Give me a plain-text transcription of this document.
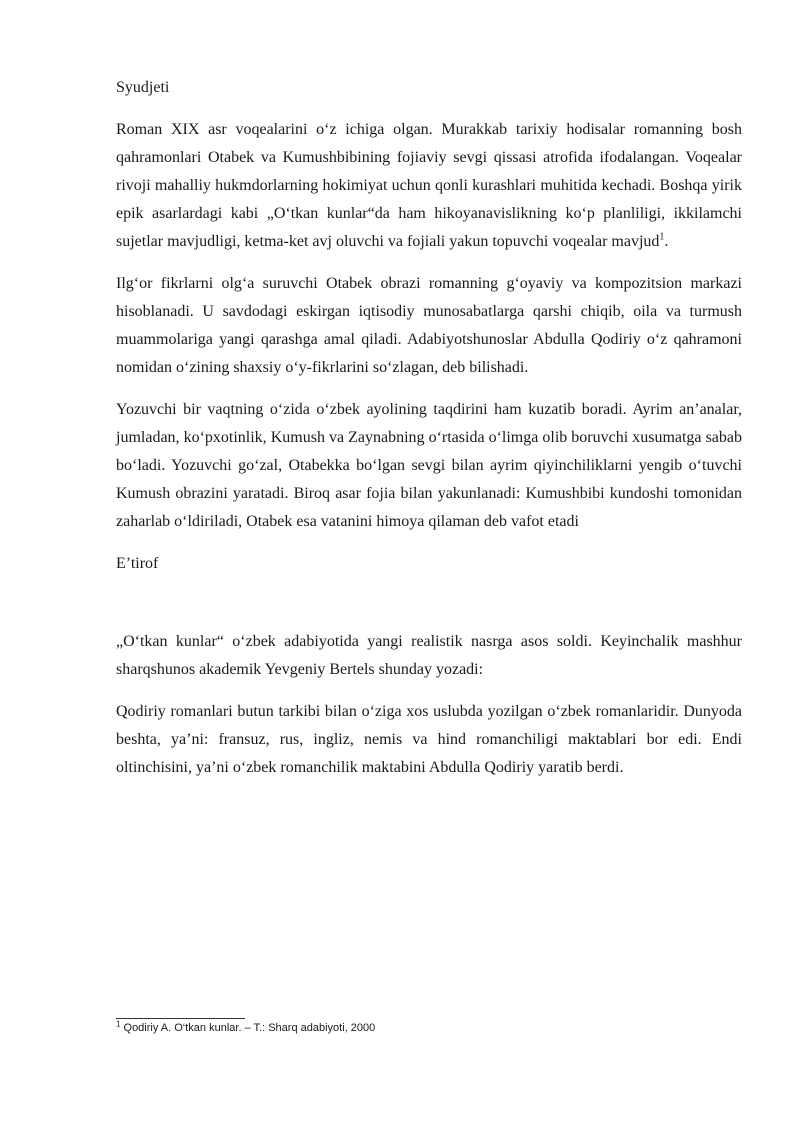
Syudjeti

Roman XIX asr voqealarini o‘z ichiga olgan. Murakkab tarixiy hodisalar romanning bosh qahramonlari Otabek va Kumushbibining fojiaviy sevgi qissasi atrofida ifodalangan. Voqealar rivoji mahalliy hukmdorlarning hokimiyat uchun qonli kurashlari muhitida kechadi. Boshqa yirik epik asarlardagi kabi „O‘tkan kunlar“da ham hikoyanavislikning ko‘p planliligi, ikkilamchi sujetlar mavjudligi, ketma-ket avj oluvchi va fojiali yakun topuvchi voqealar mavjud$^1$.

Ilg‘or fikrlarni olg‘a suruvchi Otabek obrazi romanning g‘oyaviy va kompozitsion markazi hisoblanadi. U savdodagi eskirgan iqtisodiy munosabatlarga qarshi chiqib, oila va turmush muammolariga yangi qarashga amal qiladi. Adabiyotshunoslar Abdulla Qodiriy o‘z qahramoni nomidan o‘zining shaxsiy o‘y-fikrlarini so‘zlagan, deb bilishadi.

Yozuvchi bir vaqtning o‘zida o‘zbek ayolining taqdirini ham kuzatib boradi. Ayrim an’analar, jumladan, ko‘pxotinlik, Kumush va Zaynabning o‘rtasida o‘limga olib boruvchi xusumatga sabab bo‘ladi. Yozuvchi go‘zal, Otabekka bo‘lgan sevgi bilan ayrim qiyinchiliklarni yengib o‘tuvchi Kumush obrazini yaratadi. Biroq asar fojia bilan yakunlanadi: Kumushbibi kundoshi tomonidan zaharlab o‘ldiriladi, Otabek esa vatanini himoya qilaman deb vafot etadi

E’tirof

„O‘tkan kunlar“ o‘zbek adabiyotida yangi realistik nasrga asos soldi. Keyinchalik mashhur sharqshunos akademik Yevgeniy Bertels shunday yozadi:

Qodiriy romanlari butun tarkibi bilan o‘ziga xos uslubda yozilgan o‘zbek romanlaridir. Dunyoda beshta, ya’ni: fransuz, rus, ingliz, nemis va hind romanchiligi maktablari bor edi. Endi oltinchisini, ya’ni o‘zbek romanchilik maktabini Abdulla Qodiriy yaratib berdi.

$^1$ Qodiriy A. O‘tkan kunlar. – T.: Sharq adabiyoti, 2000
